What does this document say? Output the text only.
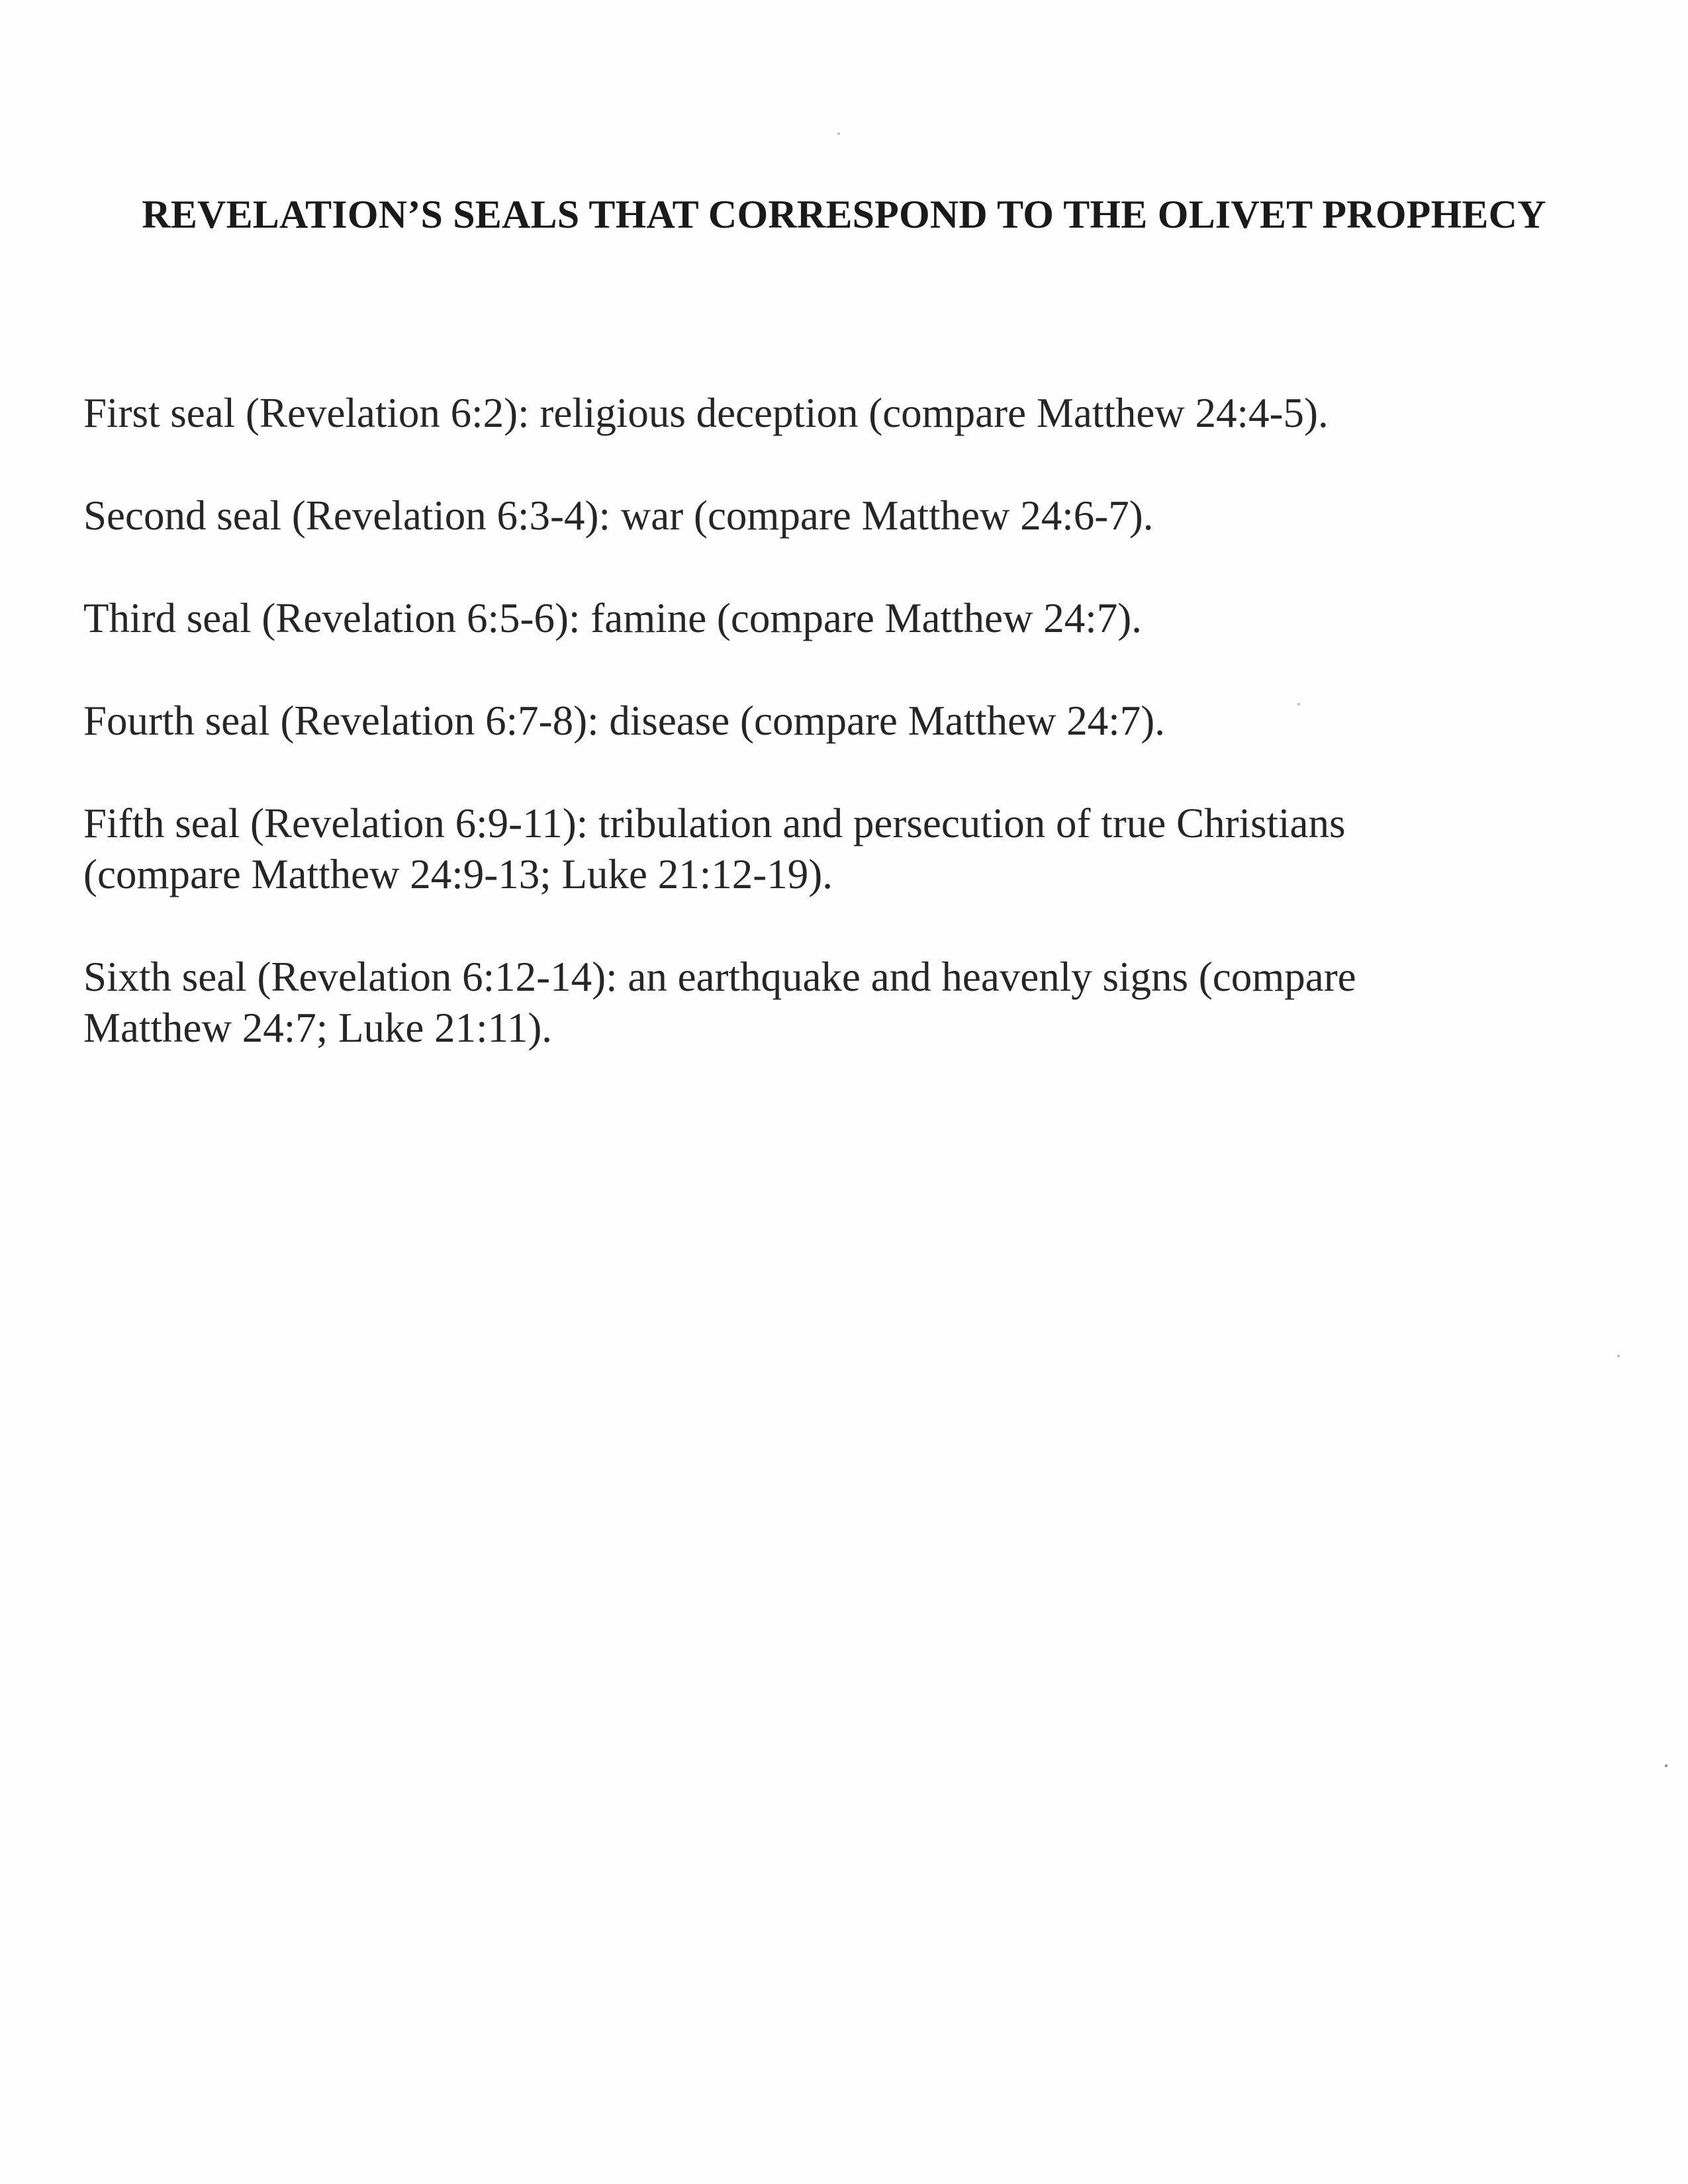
REVELATION’S SEALS THAT CORRESPOND TO THE OLIVET PROPHECY

First seal (Revelation 6:2): religious deception (compare Matthew 24:4-5).

Second seal (Revelation 6:3-4): war (compare Matthew 24:6-7).

Third seal (Revelation 6:5-6): famine (compare Matthew 24:7).

Fourth seal (Revelation 6:7-8): disease (compare Matthew 24:7).

Fifth seal (Revelation 6:9-11): tribulation and persecution of true Christians (compare Matthew 24:9-13; Luke 21:12-19).

Sixth seal (Revelation 6:12-14): an earthquake and heavenly signs (compare Matthew 24:7; Luke 21:11).
